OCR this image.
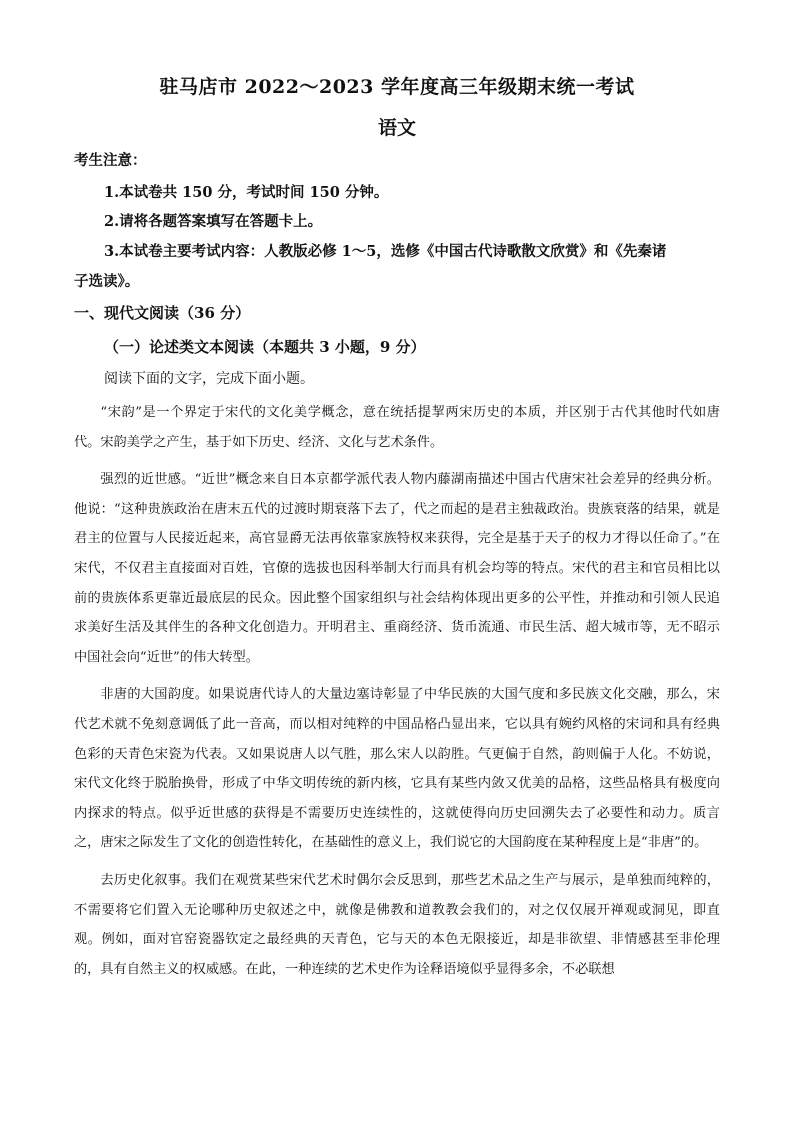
驻马店市 2022～2023 学年度高三年级期末统一考试
语文
考生注意：
1.本试卷共 150 分，考试时间 150 分钟。
2.请将各题答案填写在答题卡上。
3.本试卷主要考试内容：人教版必修 1～5，选修《中国古代诗歌散文欣赏》和《先秦诸
子选读》。
一、现代文阅读（36 分）
（一）论述类文本阅读（本题共 3 小题，9 分）
阅读下面的文字，完成下面小题。

“宋韵”是一个界定于宋代的文化美学概念，意在统括提挈两宋历史的本质，并区别于古代其他时代如唐代。宋韵美学之产生，基于如下历史、经济、文化与艺术条件。

强烈的近世感。“近世”概念来自日本京都学派代表人物内藤湖南描述中国古代唐宋社会差异的经典分析。他说：“这种贵族政治在唐末五代的过渡时期衰落下去了，代之而起的是君主独裁政治。贵族衰落的结果，就是君主的位置与人民接近起来，高官显爵无法再依靠家族特权来获得，完全是基于天子的权力才得以任命了。”在宋代，不仅君主直接面对百姓，官僚的选拔也因科举制大行而具有机会均等的特点。宋代的君主和官员相比以前的贵族体系更靠近最底层的民众。因此整个国家组织与社会结构体现出更多的公平性，并推动和引领人民追求美好生活及其伴生的各种文化创造力。开明君主、重商经济、货币流通、市民生活、超大城市等，无不昭示中国社会向“近世”的伟大转型。

非唐的大国韵度。如果说唐代诗人的大量边塞诗彰显了中华民族的大国气度和多民族文化交融，那么，宋代艺术就不免刻意调低了此一音高，而以相对纯粹的中国品格凸显出来，它以具有婉约风格的宋词和具有经典色彩的天青色宋瓷为代表。又如果说唐人以气胜，那么宋人以韵胜。气更偏于自然，韵则偏于人化。不妨说，宋代文化终于脱胎换骨，形成了中华文明传统的新内核，它具有某些内敛又优美的品格，这些品格具有极度向内探求的特点。似乎近世感的获得是不需要历史连续性的，这就使得向历史回溯失去了必要性和动力。质言之，唐宋之际发生了文化的创造性转化，在基础性的意义上，我们说它的大国韵度在某种程度上是“非唐”的。

去历史化叙事。我们在观赏某些宋代艺术时偶尔会反思到，那些艺术品之生产与展示，是单独而纯粹的，不需要将它们置入无论哪种历史叙述之中，就像是佛教和道教教会我们的，对之仅仅展开禅观或洞见，即直观。例如，面对官窑瓷器钦定之最经典的天青色，它与天的本色无限接近，却是非欲望、非情感甚至非伦理的，具有自然主义的权威感。在此，一种连续的艺术史作为诠释语境似乎显得多余，不必联想
